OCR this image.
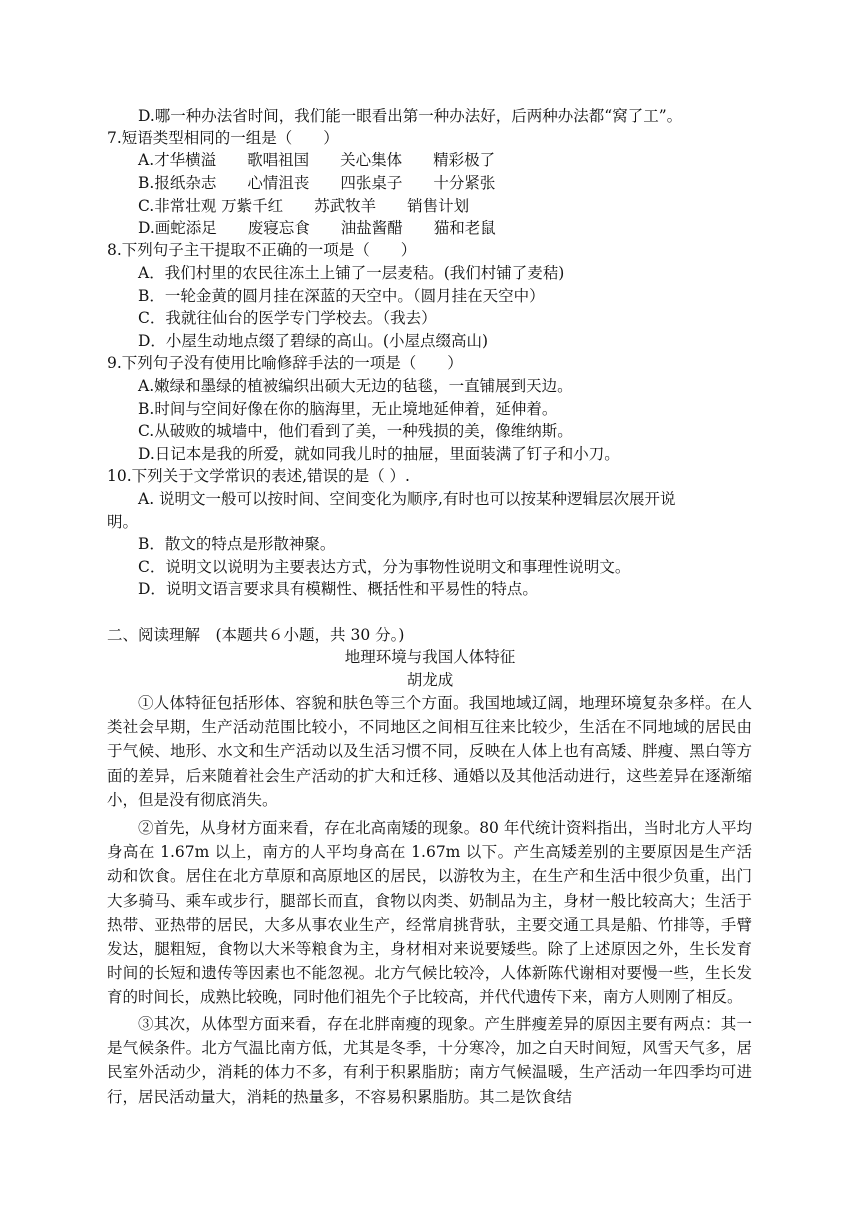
D.哪一种办法省时间，我们能一眼看出第一种办法好，后两种办法都“窝了工”。
7.短语类型相同的一组是（　　）
A.才华横溢　　歌唱祖国　　关心集体　　精彩极了
B.报纸杂志　　心情沮丧　　四张桌子　　十分紧张
C.非常壮观 万紫千红　　苏武牧羊　　销售计划
D.画蛇添足　　废寝忘食　　油盐酱醋　　猫和老鼠
8.下列句子主干提取不正确的一项是（　　）
A．我们村里的农民往冻土上铺了一层麦秸。(我们村铺了麦秸)
B．一轮金黄的圆月挂在深蓝的天空中。（圆月挂在天空中）
C．我就往仙台的医学专门学校去。（我去）
D．小屋生动地点缀了碧绿的高山。(小屋点缀高山)
9.下列句子没有使用比喻修辞手法的一项是（　　）
A.嫩绿和墨绿的植被编织出硕大无边的毡毯，一直铺展到天边。
B.时间与空间好像在你的脑海里，无止境地延伸着，延伸着。
C.从破败的城墙中，他们看到了美，一种残损的美，像维纳斯。
D.日记本是我的所爱，就如同我儿时的抽屉，里面装满了钉子和小刀。
10.下列关于文学常识的表述,错误的是（ ）.
A. 说明文一般可以按时间、空间变化为顺序,有时也可以按某种逻辑层次展开说
明。
B．散文的特点是形散神聚。
C．说明文以说明为主要表达方式，分为事物性说明文和事理性说明文。
D．说明文语言要求具有模糊性、概括性和平易性的特点。
二、阅读理解　(本题共６小题，共 30 分。)
地理环境与我国人体特征
胡龙成
①人体特征包括形体、容貌和肤色等三个方面。我国地域辽阔，地理环境复杂多样。在人类社会早期，生产活动范围比较小，不同地区之间相互往来比较少，生活在不同地域的居民由于气候、地形、水文和生产活动以及生活习惯不同，反映在人体上也有高矮、胖瘦、黑白等方面的差异，后来随着社会生产活动的扩大和迁移、通婚以及其他活动进行，这些差异在逐渐缩小，但是没有彻底消失。
②首先，从身材方面来看，存在北高南矮的现象。80 年代统计资料指出，当时北方人平均身高在 1.67m 以上，南方的人平均身高在 1.67m 以下。产生高矮差别的主要原因是生产活动和饮食。居住在北方草原和高原地区的居民，以游牧为主，在生产和生活中很少负重，出门大多骑马、乘车或步行，腿部长而直，食物以肉类、奶制品为主，身材一般比较高大；生活于热带、亚热带的居民，大多从事农业生产，经常肩挑背驮，主要交通工具是船、竹排等，手臂发达，腿粗短，食物以大米等粮食为主，身材相对来说要矮些。除了上述原因之外，生长发育时间的长短和遗传等因素也不能忽视。北方气候比较冷，人体新陈代谢相对要慢一些，生长发育的时间长，成熟比较晚，同时他们祖先个子比较高，并代代遗传下来，南方人则刚了相反。
③其次，从体型方面来看，存在北胖南瘦的现象。产生胖瘦差异的原因主要有两点：其一是气候条件。北方气温比南方低，尤其是冬季，十分寒冷，加之白天时间短，风雪天气多，居民室外活动少，消耗的体力不多，有利于积累脂肪；南方气候温暖，生产活动一年四季均可进行，居民活动量大，消耗的热量多，不容易积累脂肪。其二是饮食结
